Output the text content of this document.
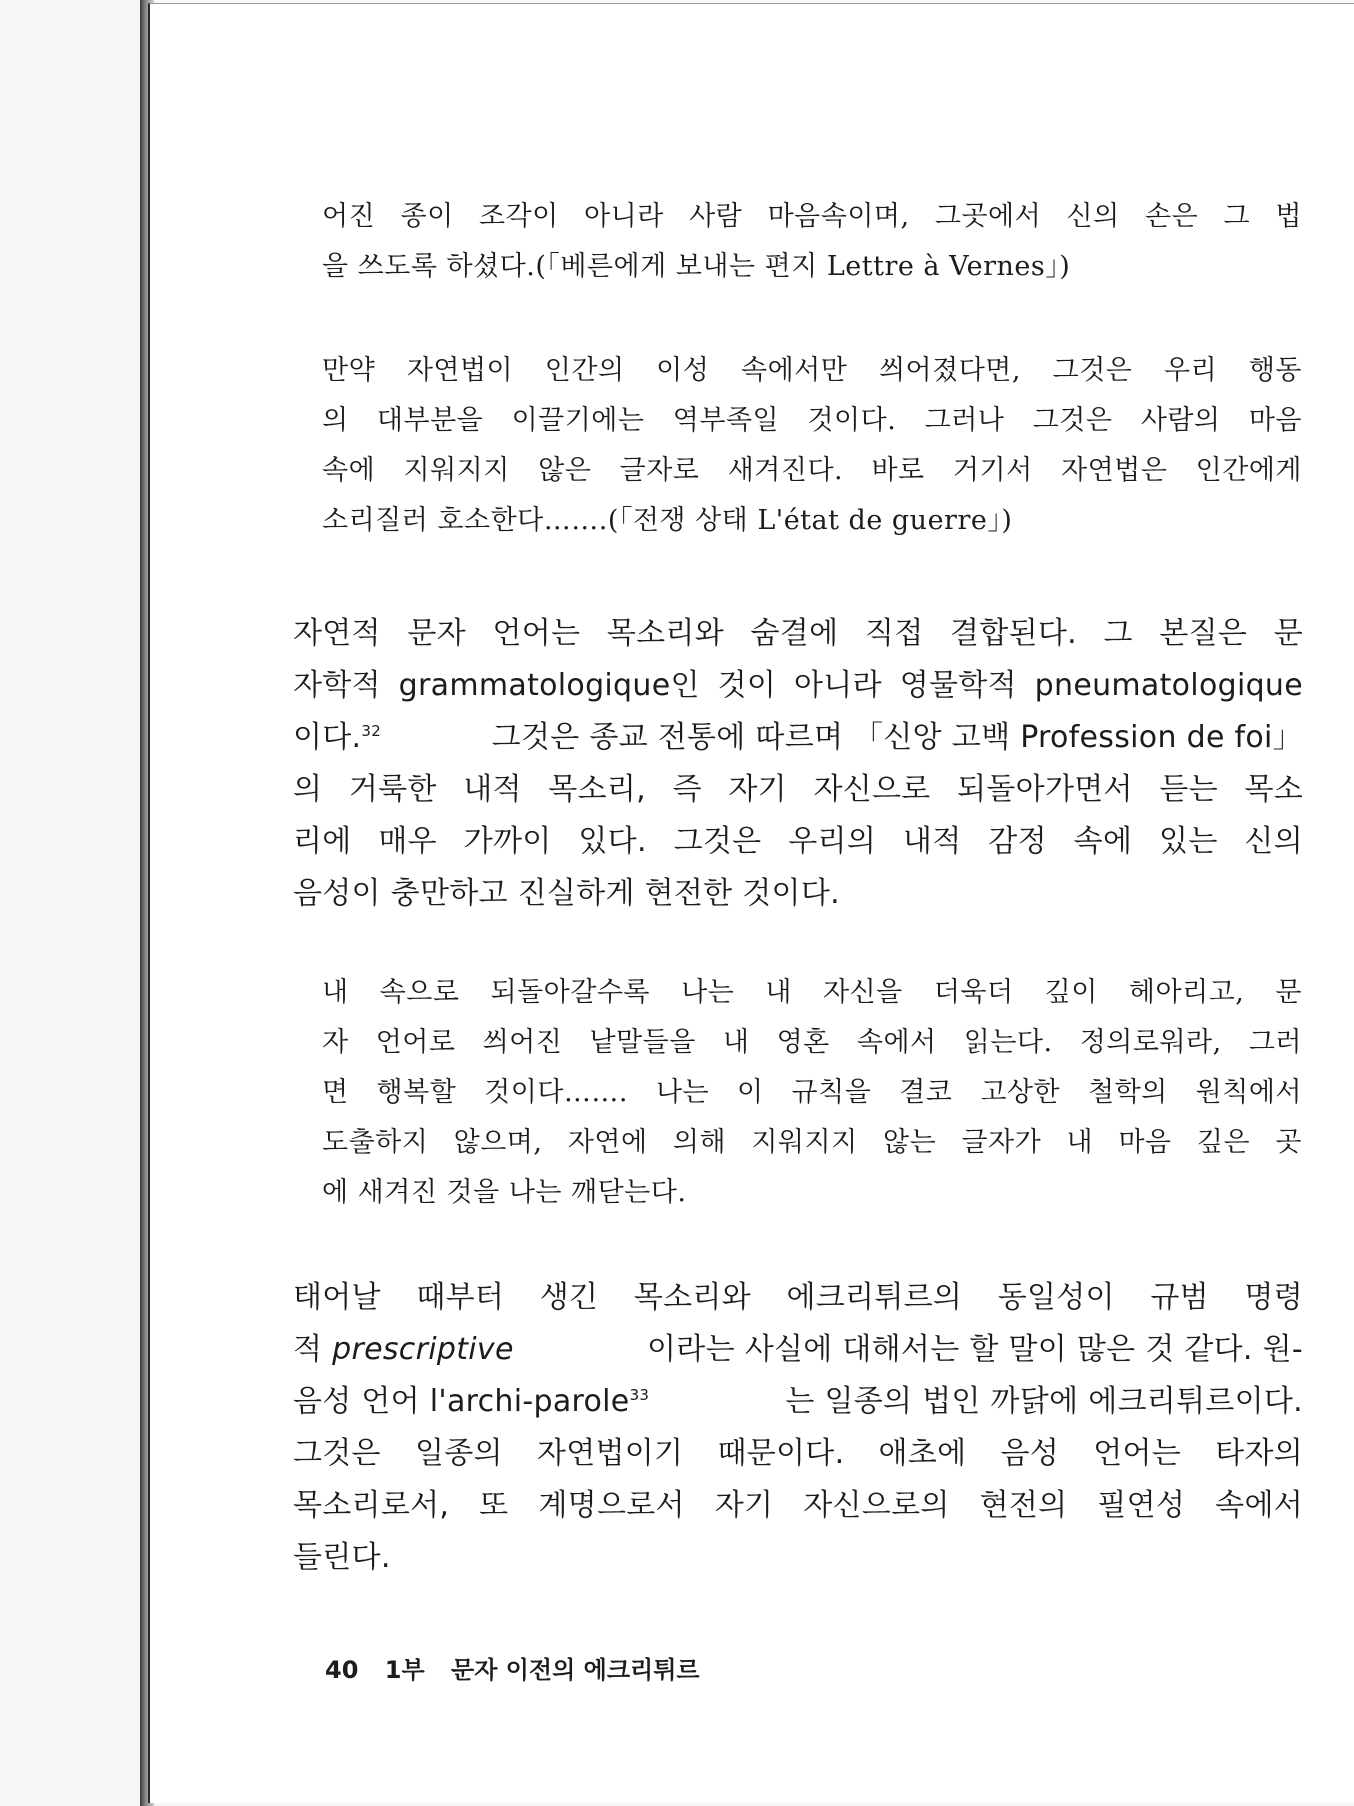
어진 종이 조각이 아니라 사람 마음속이며, 그곳에서 신의 손은 그 법
을 쓰도록 하셨다.(「베른에게 보내는 편지 Lettre à Vernes」)
만약 자연법이 인간의 이성 속에서만 씌어졌다면, 그것은 우리 행동
의 대부분을 이끌기에는 역부족일 것이다. 그러나 그것은 사람의 마음
속에 지워지지 않은 글자로 새겨진다. 바로 거기서 자연법은 인간에게
소리질러 호소한다…….(「전쟁 상태 L'état de guerre」)
자연적 문자 언어는 목소리와 숨결에 직접 결합된다. 그 본질은 문
자학적 grammatologique인 것이 아니라 영물학적 pneumatologique
이다.$^{32}$	그것은 종교 전통에 따르며 「신앙 고백 Profession de foi」
의 거룩한 내적 목소리, 즉 자기 자신으로 되돌아가면서 듣는 목소
리에 매우 가까이 있다. 그것은 우리의 내적 감정 속에 있는 신의
음성이 충만하고 진실하게 현전한 것이다.
내 속으로 되돌아갈수록 나는 내 자신을 더욱더 깊이 헤아리고, 문
자 언어로 씌어진 낱말들을 내 영혼 속에서 읽는다. 정의로워라, 그러
면 행복할 것이다……. 나는 이 규칙을 결코 고상한 철학의 원칙에서
도출하지 않으며, 자연에 의해 지워지지 않는 글자가 내 마음 깊은 곳
에 새겨진 것을 나는 깨닫는다.
태어날 때부터 생긴 목소리와 에크리튀르의 동일성이 규범 명령
적 prescriptive	이라는 사실에 대해서는 할 말이 많은 것 같다. 원-
음성 언어 l'archi-parole$^{33}$	는 일종의 법인 까닭에 에크리튀르이다.
그것은 일종의 자연법이기 때문이다. 애초에 음성 언어는 타자의
목소리로서, 또 계명으로서 자기 자신으로의 현전의 필연성 속에서
들린다.
40 1부 문자 이전의 에크리튀르
